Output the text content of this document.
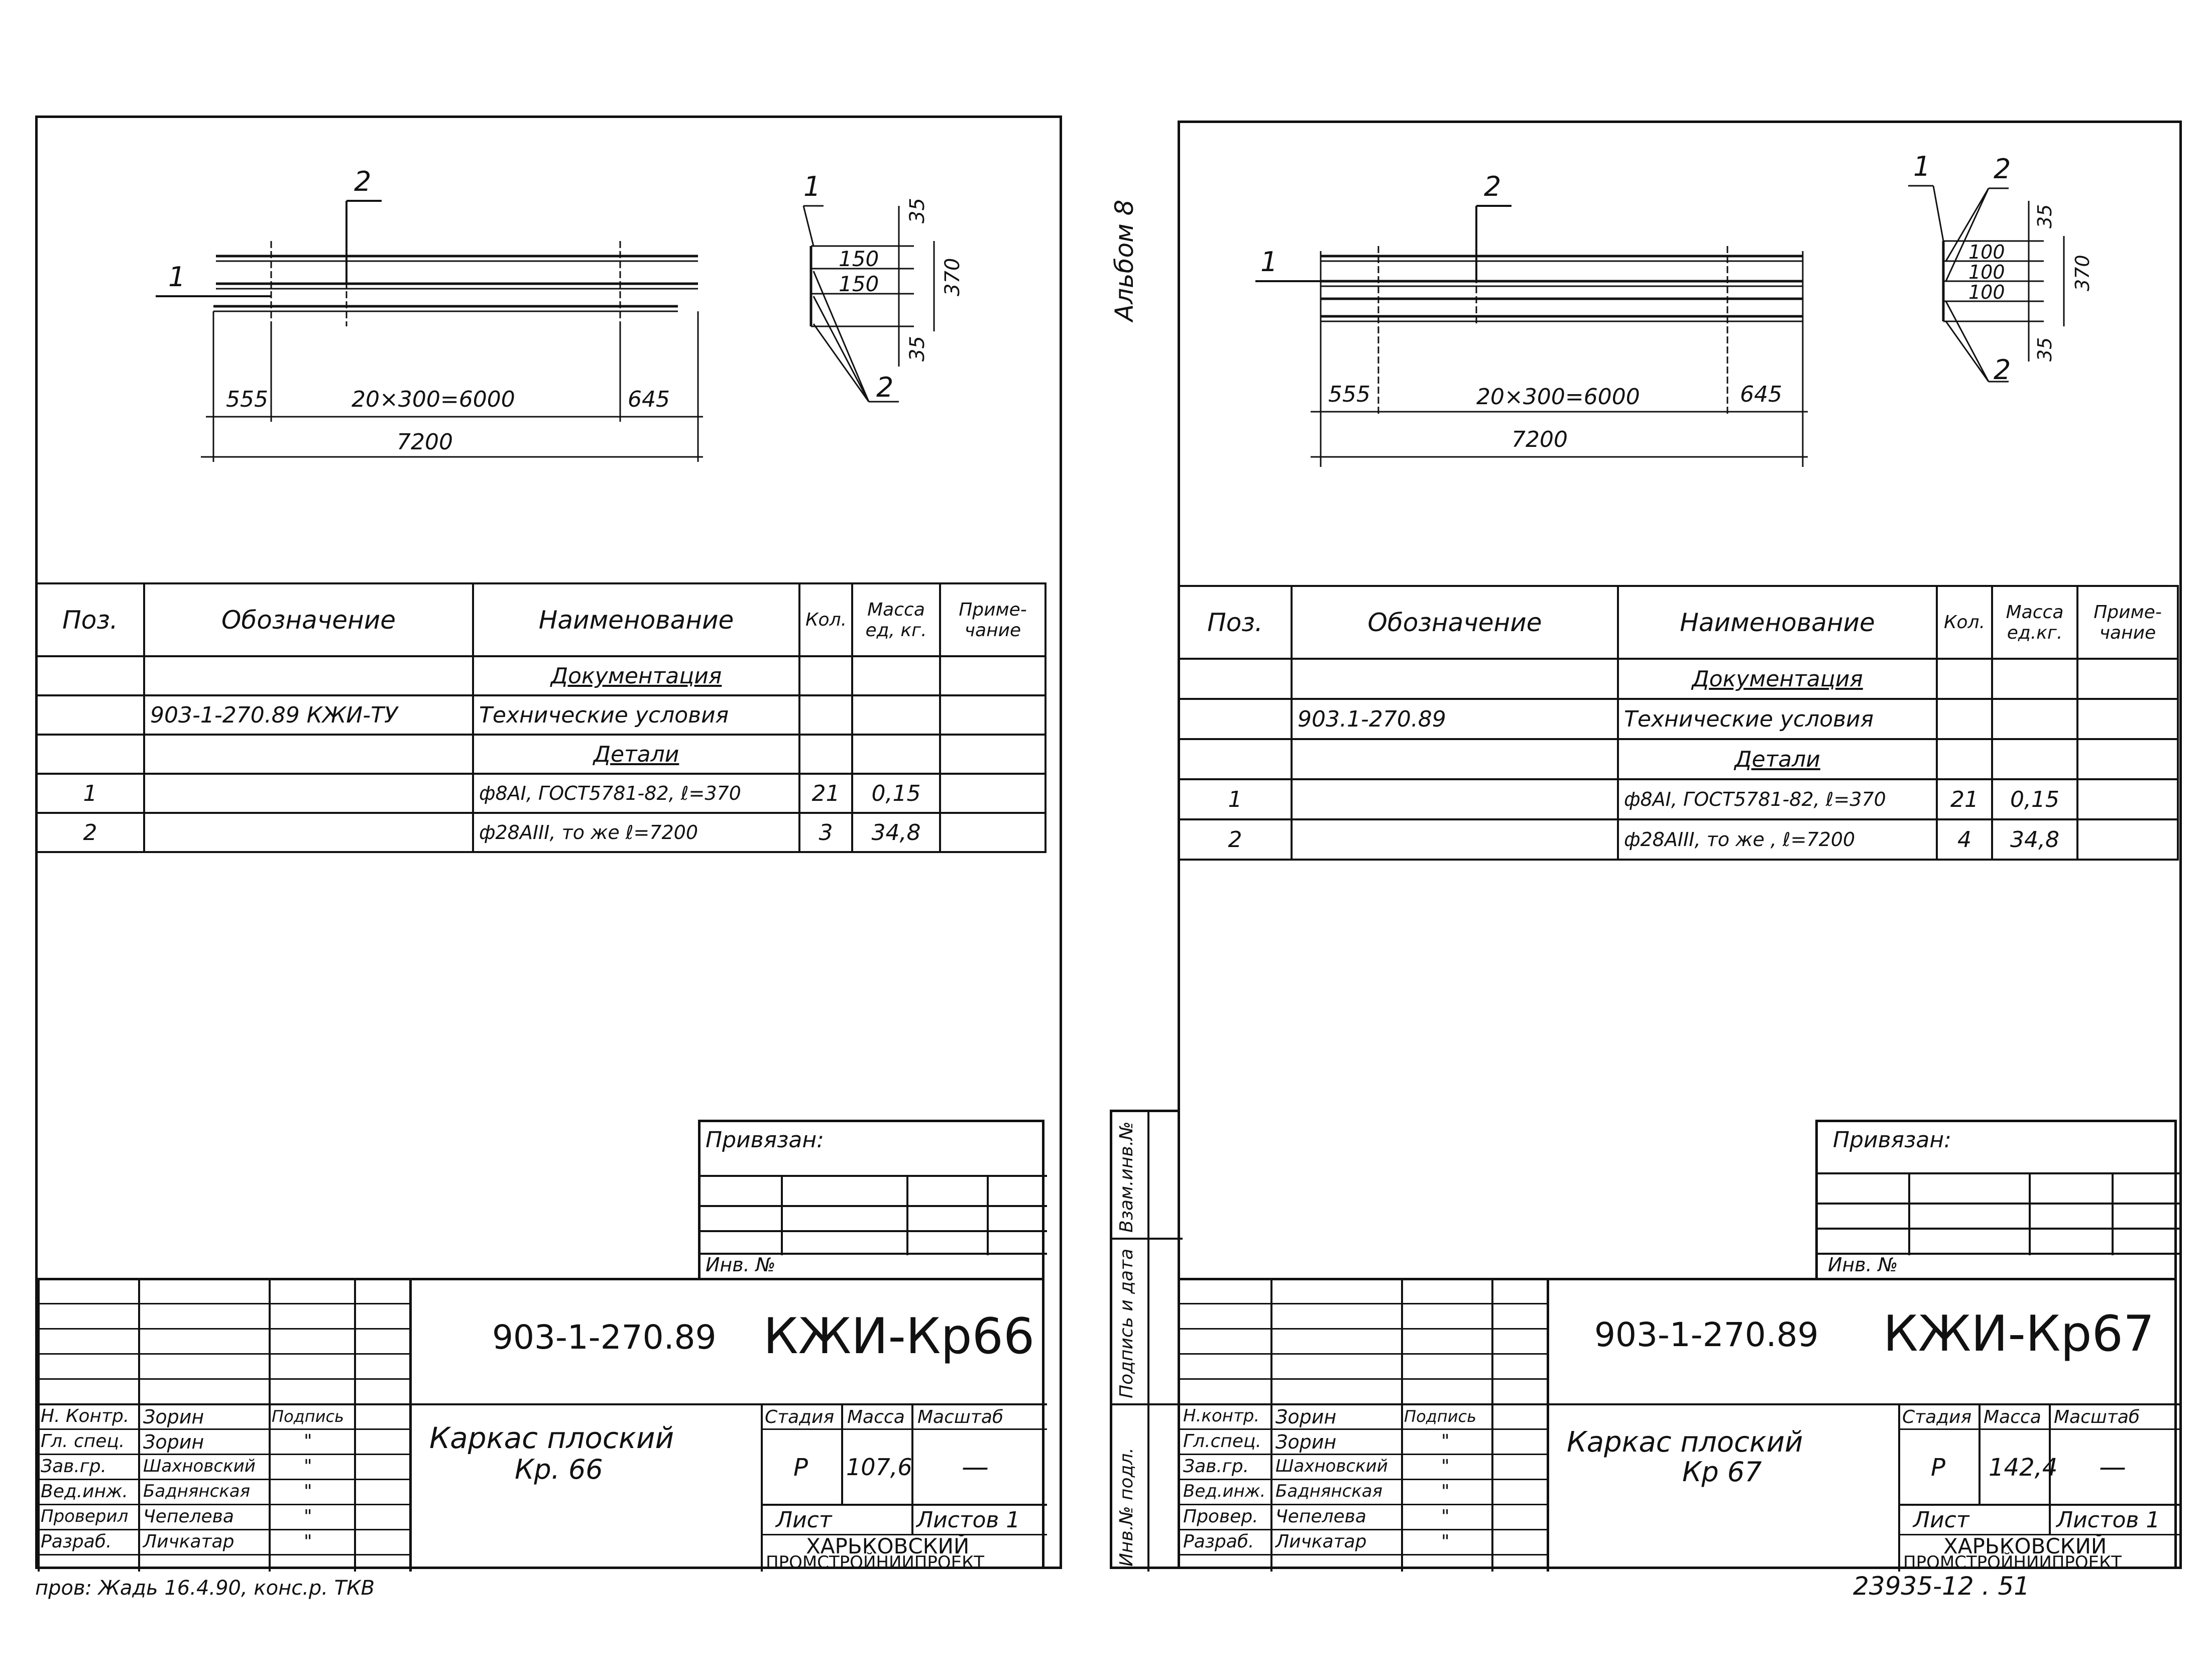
1
2
555	20×300=6000	645
7200
1
2
150
150
35
370
35
Поз.	Обозначение	Наименование	Кол.	Масса ед, кг.	Приме-чание
		Документация			
	903-1-270.89 КЖИ-ТУ	Технические условия			
		Детали			
1		ф8АI, ГОСТ5781-82, ℓ=370	21	0,15	
2		ф28АIII, то же ℓ=7200	3	34,8	
Привязан:
Инв. №
Н. Контр. Зорин	Подпись
Гл. спец. Зорин	"
Зав.гр. Шахновский	"
Вед.инж. Баднянская	"
Проверил Чепелева	"
Разраб. Личкатар	"
903-1-270.89 КЖИ-Кр66
Каркас плоский
Кр. 66
Стадия Масса Масштаб
Р 107,6 —
Лист	Листов 1
ХАРЬКОВСКИЙ
ПРОМСТРОЙНИИПРОЕКТ
пров: Жадь 16.4.90, конс.р. ТКВ
Альбом 8
Взам.инв.№
Подпись и дата
Инв.№ подл.
1
2
555	20×300=6000	645
7200
1 2
2
100
100
100
35
370
35
Поз.	Обозначение	Наименование	Кол.	Масса ед.кг.	Приме-чание
		Документация			
	903.1-270.89	Технические условия			
		Детали			
1		ф8АI, ГОСТ5781-82, ℓ=370	21	0,15	
2		ф28АIII, то же , ℓ=7200	4	34,8	
Привязан:
Инв. №
Н.контр. Зорин	Подпись
Гл.спец. Зорин	"
Зав.гр. Шахновский	"
Вед.инж. Баднянская	"
Провер. Чепелева	"
Разраб. Личкатар	"
903-1-270.89 КЖИ-Кр67
Каркас плоский
Кр 67
Стадия Масса Масштаб
Р 142,4 —
Лист	Листов 1
ХАРЬКОВСКИЙ
ПРОМСТРОЙНИИПРОЕКТ
23935-12 . 51
